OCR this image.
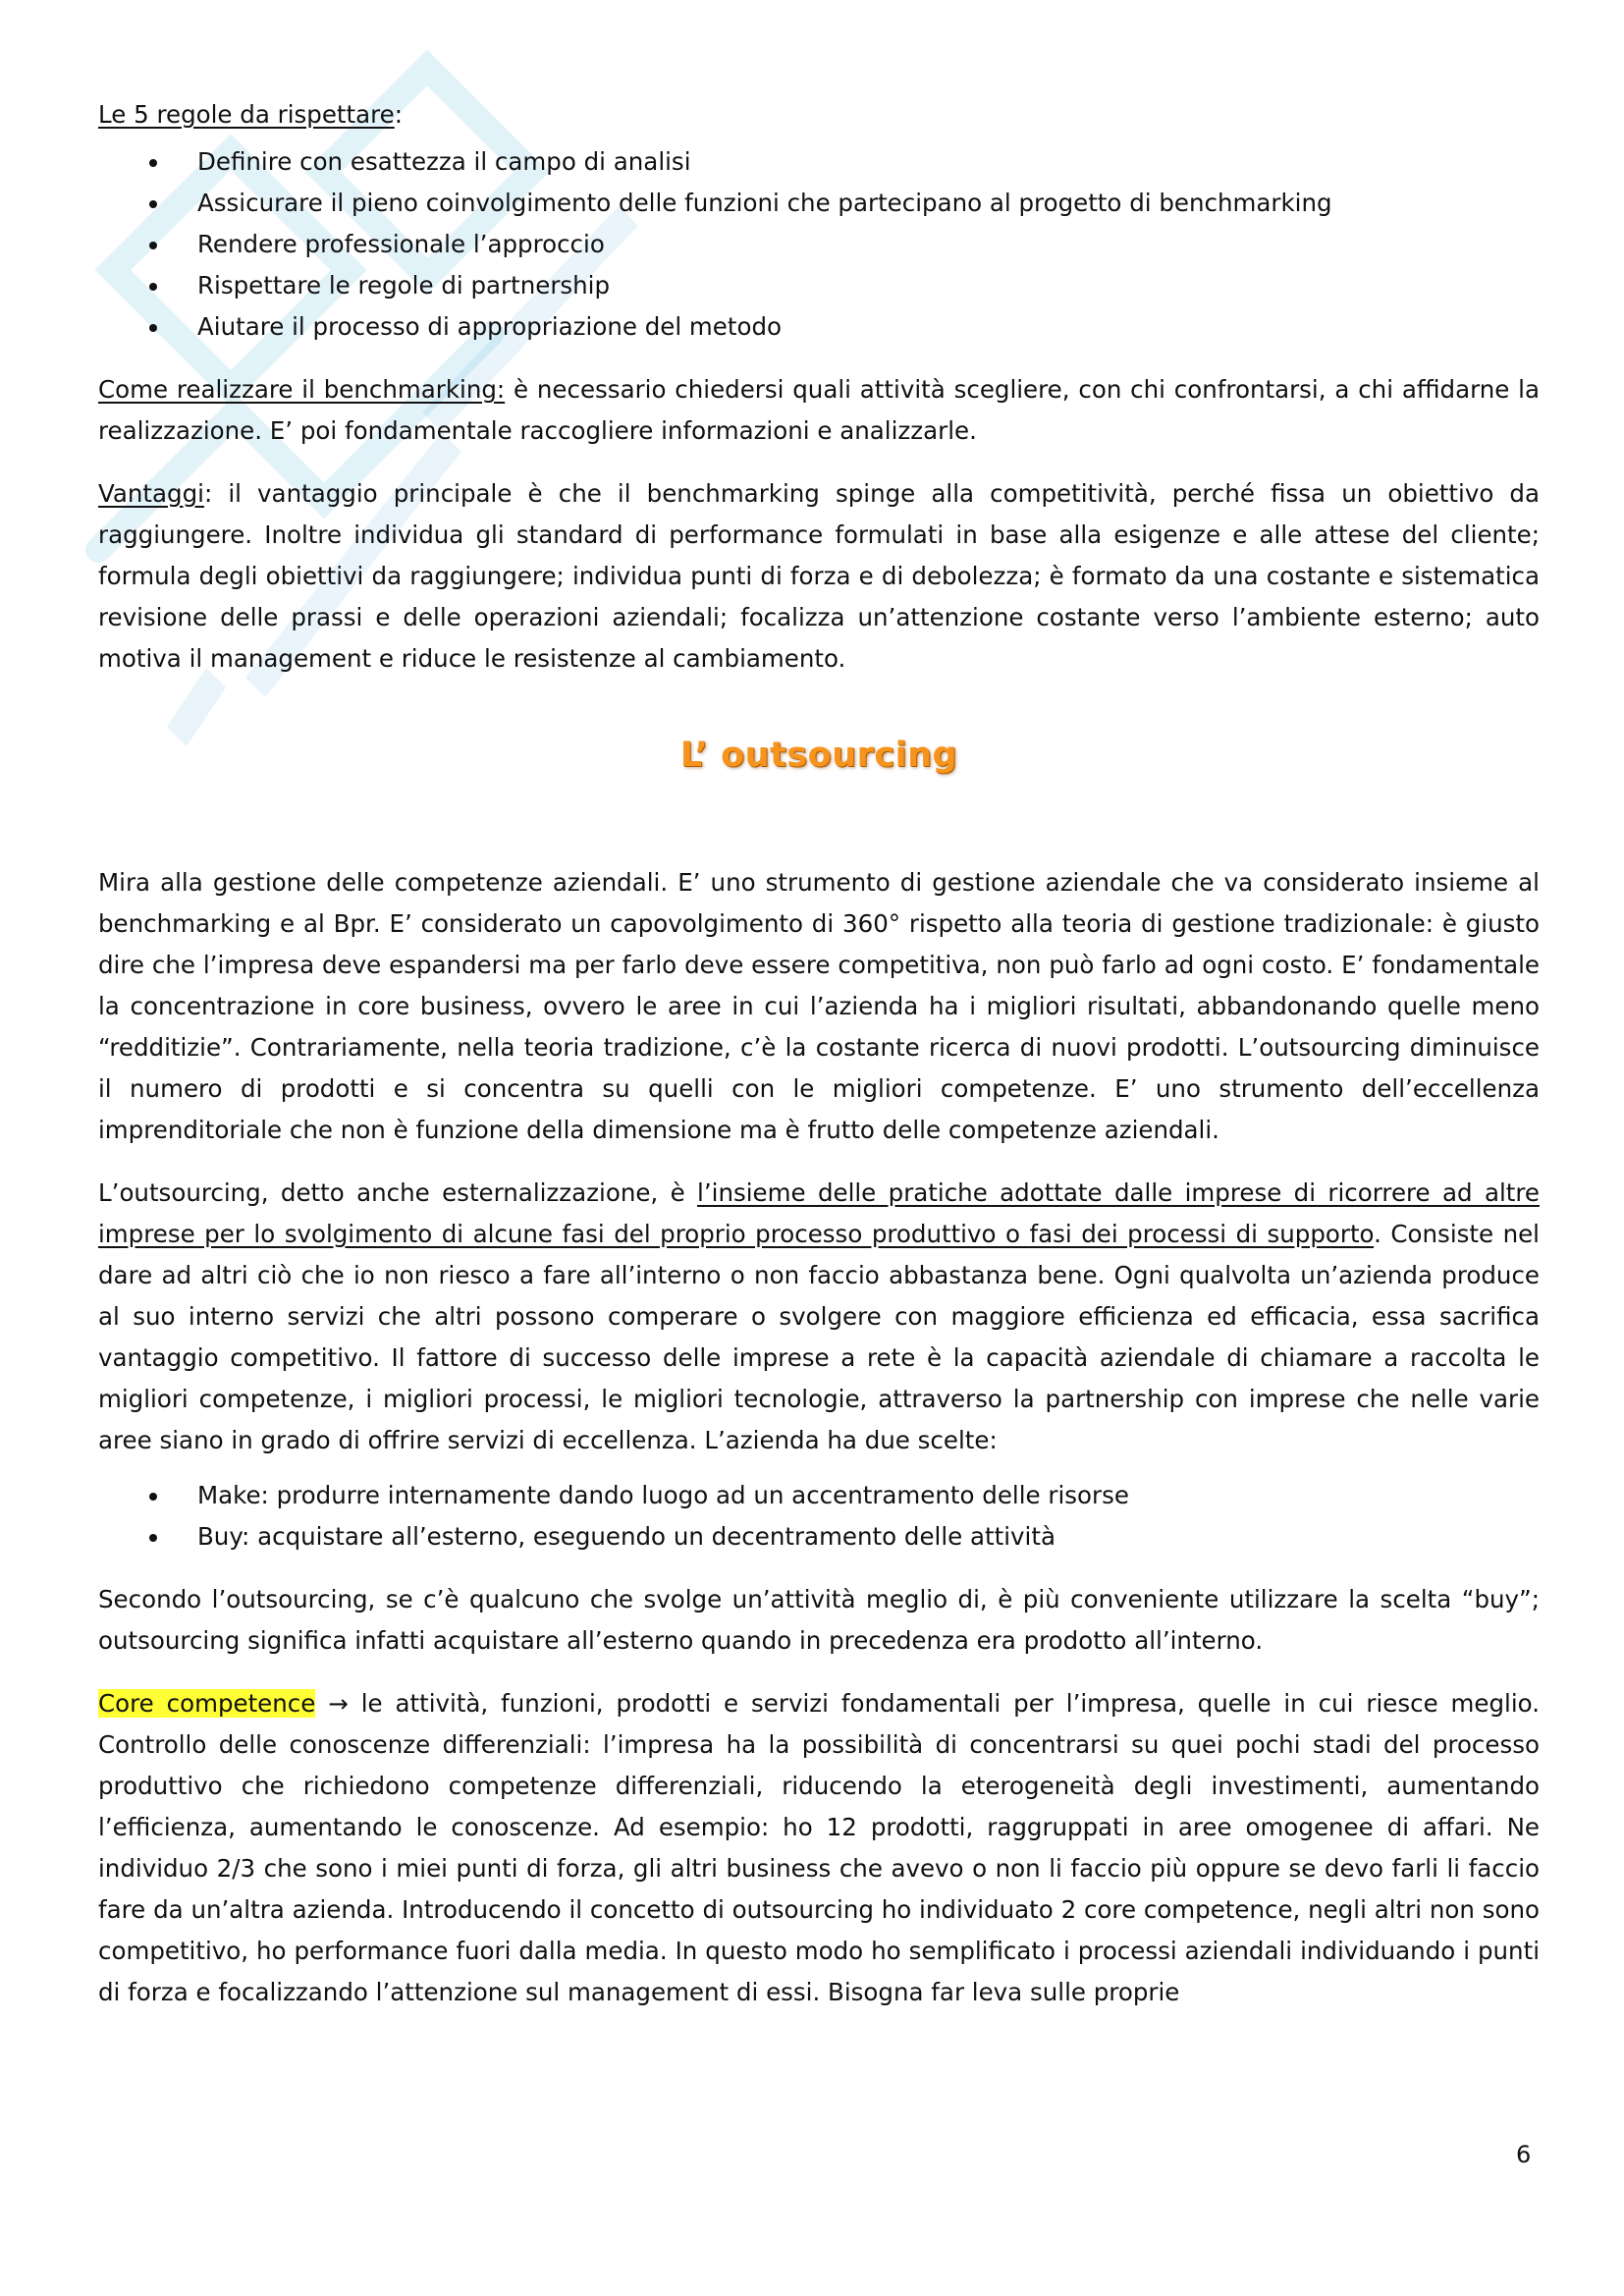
Le 5 regole da rispettare:

Definire con esattezza il campo di analisi
Assicurare il pieno coinvolgimento delle funzioni che partecipano al progetto di benchmarking
Rendere professionale l’approccio
Rispettare le regole di partnership
Aiutare il processo di appropriazione del metodo

Come realizzare il benchmarking: è necessario chiedersi quali attività scegliere, con chi confrontarsi, a chi affidarne la realizzazione. E’ poi fondamentale raccogliere informazioni e analizzarle.

Vantaggi: il vantaggio principale è che il benchmarking spinge alla competitività, perché fissa un obiettivo da raggiungere. Inoltre individua gli standard di performance formulati in base alla esigenze e alle attese del cliente; formula degli obiettivi da raggiungere; individua punti di forza e di debolezza; è formato da una costante e sistematica revisione delle prassi e delle operazioni aziendali; focalizza un’attenzione costante verso l’ambiente esterno; auto motiva il management e riduce le resistenze al cambiamento.

L’ outsourcing

Mira alla gestione delle competenze aziendali. E’ uno strumento di gestione aziendale che va considerato insieme al benchmarking e al Bpr. E’ considerato un capovolgimento di 360° rispetto alla teoria di gestione tradizionale: è giusto dire che l’impresa deve espandersi ma per farlo deve essere competitiva, non può farlo ad ogni costo. E’ fondamentale la concentrazione in core business, ovvero le aree in cui l’azienda ha i migliori risultati, abbandonando quelle meno “redditizie”. Contrariamente, nella teoria tradizione, c’è la costante ricerca di nuovi prodotti. L’outsourcing diminuisce il numero di prodotti e si concentra su quelli con le migliori competenze. E’ uno strumento dell’eccellenza imprenditoriale che non è funzione della dimensione ma è frutto delle competenze aziendali.

L’outsourcing, detto anche esternalizzazione, è l’insieme delle pratiche adottate dalle imprese di ricorrere ad altre imprese per lo svolgimento di alcune fasi del proprio processo produttivo o fasi dei processi di supporto. Consiste nel dare ad altri ciò che io non riesco a fare all’interno o non faccio abbastanza bene. Ogni qualvolta un’azienda produce al suo interno servizi che altri possono comperare o svolgere con maggiore efficienza ed efficacia, essa sacrifica vantaggio competitivo. Il fattore di successo delle imprese a rete è la capacità aziendale di chiamare a raccolta le migliori competenze, i migliori processi, le migliori tecnologie, attraverso la partnership con imprese che nelle varie aree siano in grado di offrire servizi di eccellenza. L’azienda ha due scelte:

Make: produrre internamente dando luogo ad un accentramento delle risorse
Buy: acquistare all’esterno, eseguendo un decentramento delle attività

Secondo l’outsourcing, se c’è qualcuno che svolge un’attività meglio di, è più conveniente utilizzare la scelta “buy”; outsourcing significa infatti acquistare all’esterno quando in precedenza era prodotto all’interno.

Core competence → le attività, funzioni, prodotti e servizi fondamentali per l’impresa, quelle in cui riesce meglio. Controllo delle conoscenze differenziali: l’impresa ha la possibilità di concentrarsi su quei pochi stadi del processo produttivo che richiedono competenze differenziali, riducendo la eterogeneità degli investimenti, aumentando l’efficienza, aumentando le conoscenze. Ad esempio: ho 12 prodotti, raggruppati in aree omogenee di affari. Ne individuo 2/3 che sono i miei punti di forza, gli altri business che avevo o non li faccio più oppure se devo farli li faccio fare da un’altra azienda. Introducendo il concetto di outsourcing ho individuato 2 core competence, negli altri non sono competitivo, ho performance fuori dalla media. In questo modo ho semplificato i processi aziendali individuando i punti di forza e focalizzando l’attenzione sul management di essi. Bisogna far leva sulle proprie

6
